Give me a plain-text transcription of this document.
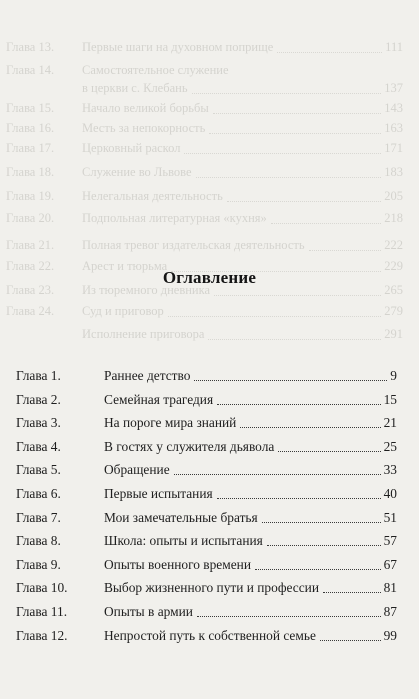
Глава 13. Первые шаги на духовном поприще	111
Глава 14. Самостоятельное служение
в церкви с. Клебань	137
Глава 15. Начало великой борьбы	143
Глава 16. Месть за непокорность	163
Глава 17. Церковный раскол	171
Глава 18. Служение во Львове	183
Глава 19. Нелегальная деятельность	205
Глава 20. Подпольная литературная «кухня»	218
Глава 21. Полная тревог издательская деятельность	222
Глава 22. Арест и тюрьма	229
Глава 23. Из тюремного дневника	265
Глава 24. Суд и приговор	279
Исполнение приговора	291
Оглавление
Глава 1.	Раннее детство	9
Глава 2.	Семейная трагедия	15
Глава 3.	На пороге мира знаний	21
Глава 4.	В гостях у служителя дьявола	25
Глава 5.	Обращение	33
Глава 6.	Первые испытания	40
Глава 7.	Мои замечательные братья	51
Глава 8.	Школа: опыты и испытания	57
Глава 9.	Опыты военного времени	67
Глава 10.	Выбор жизненного пути и профессии	81
Глава 11.	Опыты в армии	87
Глава 12.	Непростой путь к собственной семье	99
